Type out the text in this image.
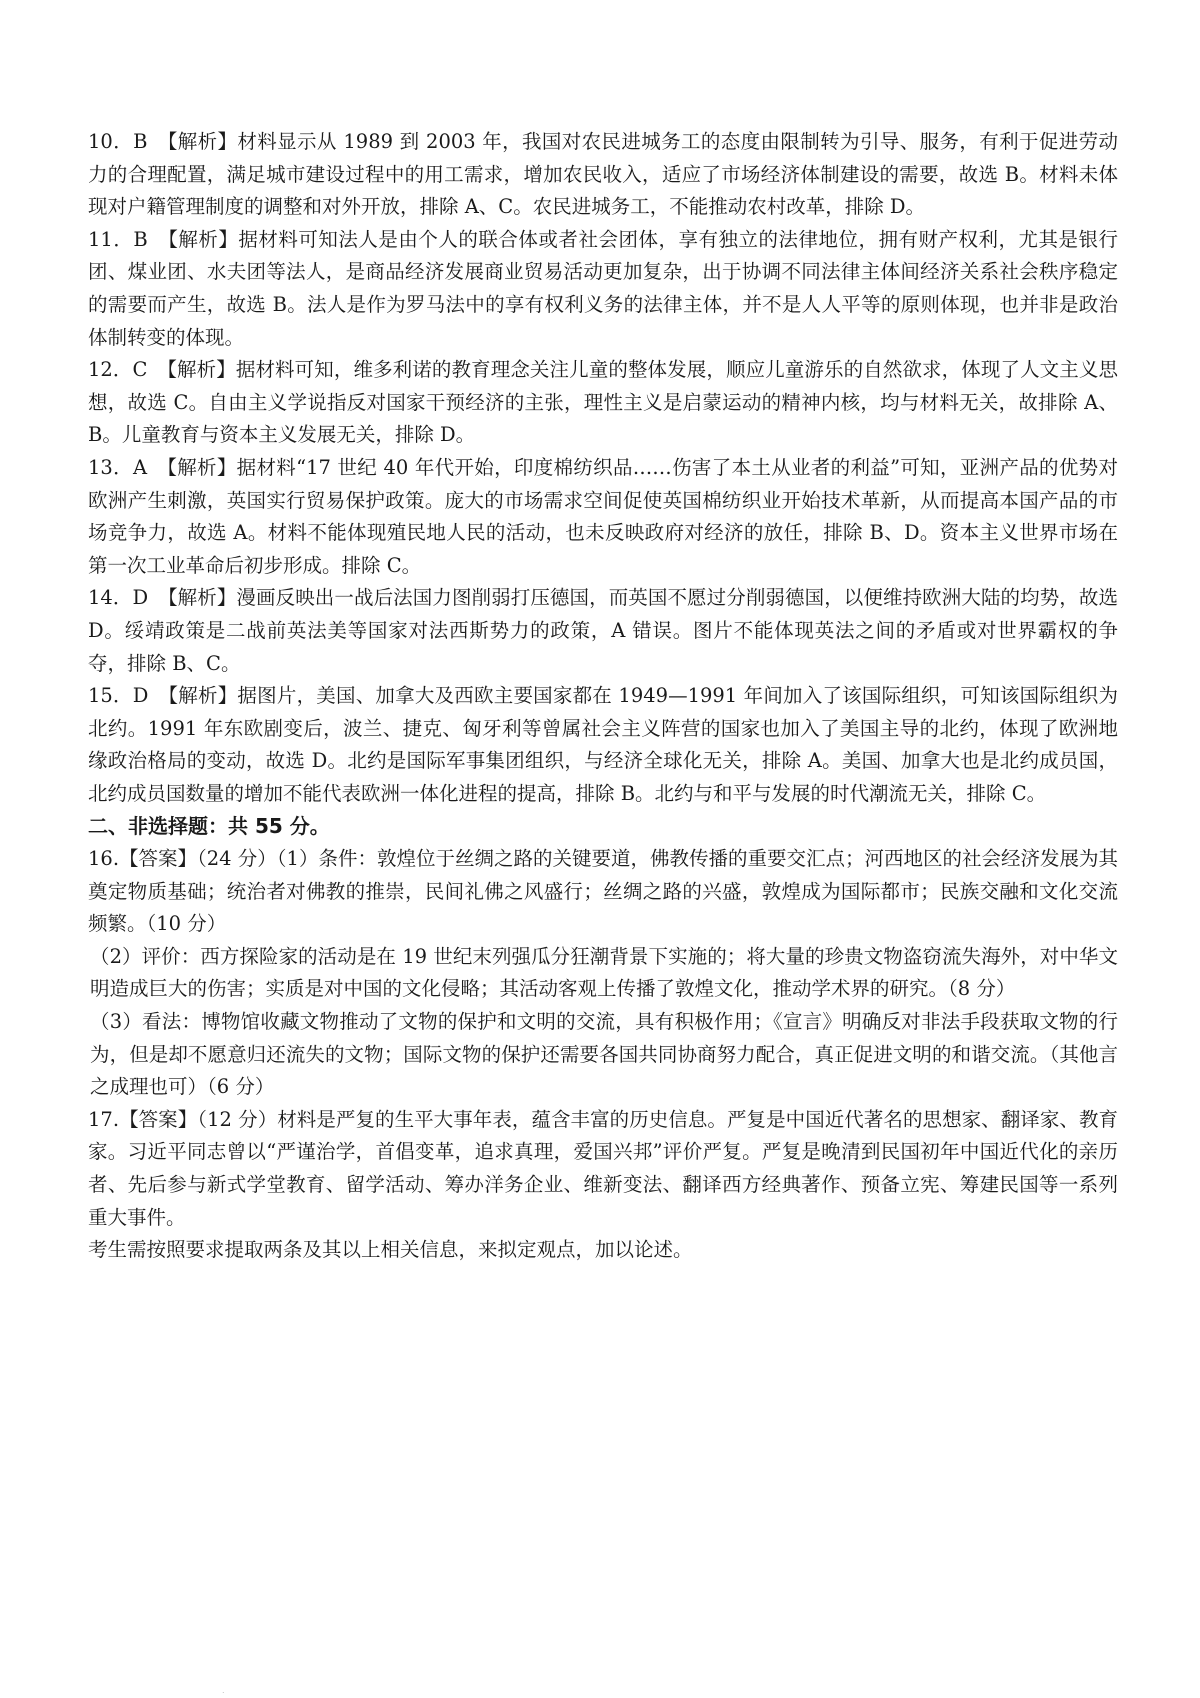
10．B　【解析】材料显示从 1989 到 2003 年，我国对农民进城务工的态度由限制转为引导、服务，有利于促进劳动力的合理配置，满足城市建设过程中的用工需求，增加农民收入，适应了市场经济体制建设的需要，故选 B。材料未体现对户籍管理制度的调整和对外开放，排除 A、C。农民进城务工，不能推动农村改革，排除 D。

11．B　【解析】据材料可知法人是由个人的联合体或者社会团体，享有独立的法律地位，拥有财产权利，尤其是银行团、煤业团、水夫团等法人，是商品经济发展商业贸易活动更加复杂，出于协调不同法律主体间经济关系社会秩序稳定的需要而产生，故选 B。法人是作为罗马法中的享有权利义务的法律主体，并不是人人平等的原则体现，也并非是政治体制转变的体现。

12．C　【解析】据材料可知，维多利诺的教育理念关注儿童的整体发展，顺应儿童游乐的自然欲求，体现了人文主义思想，故选 C。自由主义学说指反对国家干预经济的主张，理性主义是启蒙运动的精神内核，均与材料无关，故排除 A、B。儿童教育与资本主义发展无关，排除 D。

13．A　【解析】据材料“17 世纪 40 年代开始，印度棉纺织品……伤害了本土从业者的利益”可知，亚洲产品的优势对欧洲产生刺激，英国实行贸易保护政策。庞大的市场需求空间促使英国棉纺织业开始技术革新，从而提高本国产品的市场竞争力，故选 A。材料不能体现殖民地人民的活动，也未反映政府对经济的放任，排除 B、D。资本主义世界市场在第一次工业革命后初步形成。排除 C。

14．D　【解析】漫画反映出一战后法国力图削弱打压德国，而英国不愿过分削弱德国，以便维持欧洲大陆的均势，故选 D。绥靖政策是二战前英法美等国家对法西斯势力的政策，A 错误。图片不能体现英法之间的矛盾或对世界霸权的争夺，排除 B、C。

15．D　【解析】据图片，美国、加拿大及西欧主要国家都在 1949—1991 年间加入了该国际组织，可知该国际组织为北约。1991 年东欧剧变后，波兰、捷克、匈牙利等曾属社会主义阵营的国家也加入了美国主导的北约，体现了欧洲地缘政治格局的变动，故选 D。北约是国际军事集团组织，与经济全球化无关，排除 A。美国、加拿大也是北约成员国，北约成员国数量的增加不能代表欧洲一体化进程的提高，排除 B。北约与和平与发展的时代潮流无关，排除 C。

二、非选择题：共 55 分。

16.【答案】（24 分）（1）条件：敦煌位于丝绸之路的关键要道，佛教传播的重要交汇点；河西地区的社会经济发展为其奠定物质基础；统治者对佛教的推崇，民间礼佛之风盛行；丝绸之路的兴盛，敦煌成为国际都市；民族交融和文化交流频繁。（10 分）

（2）评价：西方探险家的活动是在 19 世纪末列强瓜分狂潮背景下实施的；将大量的珍贵文物盗窃流失海外，对中华文明造成巨大的伤害；实质是对中国的文化侵略；其活动客观上传播了敦煌文化，推动学术界的研究。（8 分）

（3）看法：博物馆收藏文物推动了文物的保护和文明的交流，具有积极作用；《宣言》明确反对非法手段获取文物的行为，但是却不愿意归还流失的文物；国际文物的保护还需要各国共同协商努力配合，真正促进文明的和谐交流。（其他言之成理也可）（6 分）

17.【答案】（12 分）材料是严复的生平大事年表，蕴含丰富的历史信息。严复是中国近代著名的思想家、翻译家、教育家。习近平同志曾以“严谨治学，首倡变革，追求真理，爱国兴邦”评价严复。严复是晚清到民国初年中国近代化的亲历者、先后参与新式学堂教育、留学活动、筹办洋务企业、维新变法、翻译西方经典著作、预备立宪、筹建民国等一系列重大事件。

考生需按照要求提取两条及其以上相关信息，来拟定观点，加以论述。

.
